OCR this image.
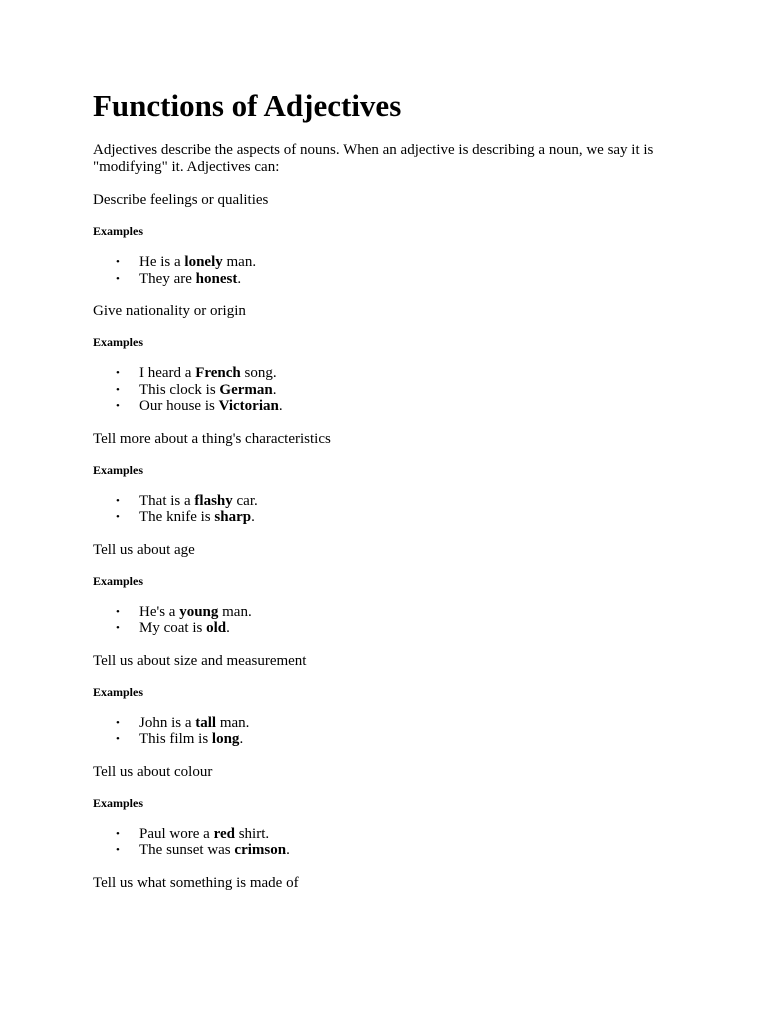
Functions of Adjectives

Adjectives describe the aspects of nouns. When an adjective is describing a noun, we say it is "modifying" it. Adjectives can:

Describe feelings or qualities

Examples

• He is a lonely man.
• They are honest.

Give nationality or origin

Examples

• I heard a French song.
• This clock is German.
• Our house is Victorian.

Tell more about a thing's characteristics

Examples

• That is a flashy car.
• The knife is sharp.

Tell us about age

Examples

• He's a young man.
• My coat is old.

Tell us about size and measurement

Examples

• John is a tall man.
• This film is long.

Tell us about colour

Examples

• Paul wore a red shirt.
• The sunset was crimson.

Tell us what something is made of
